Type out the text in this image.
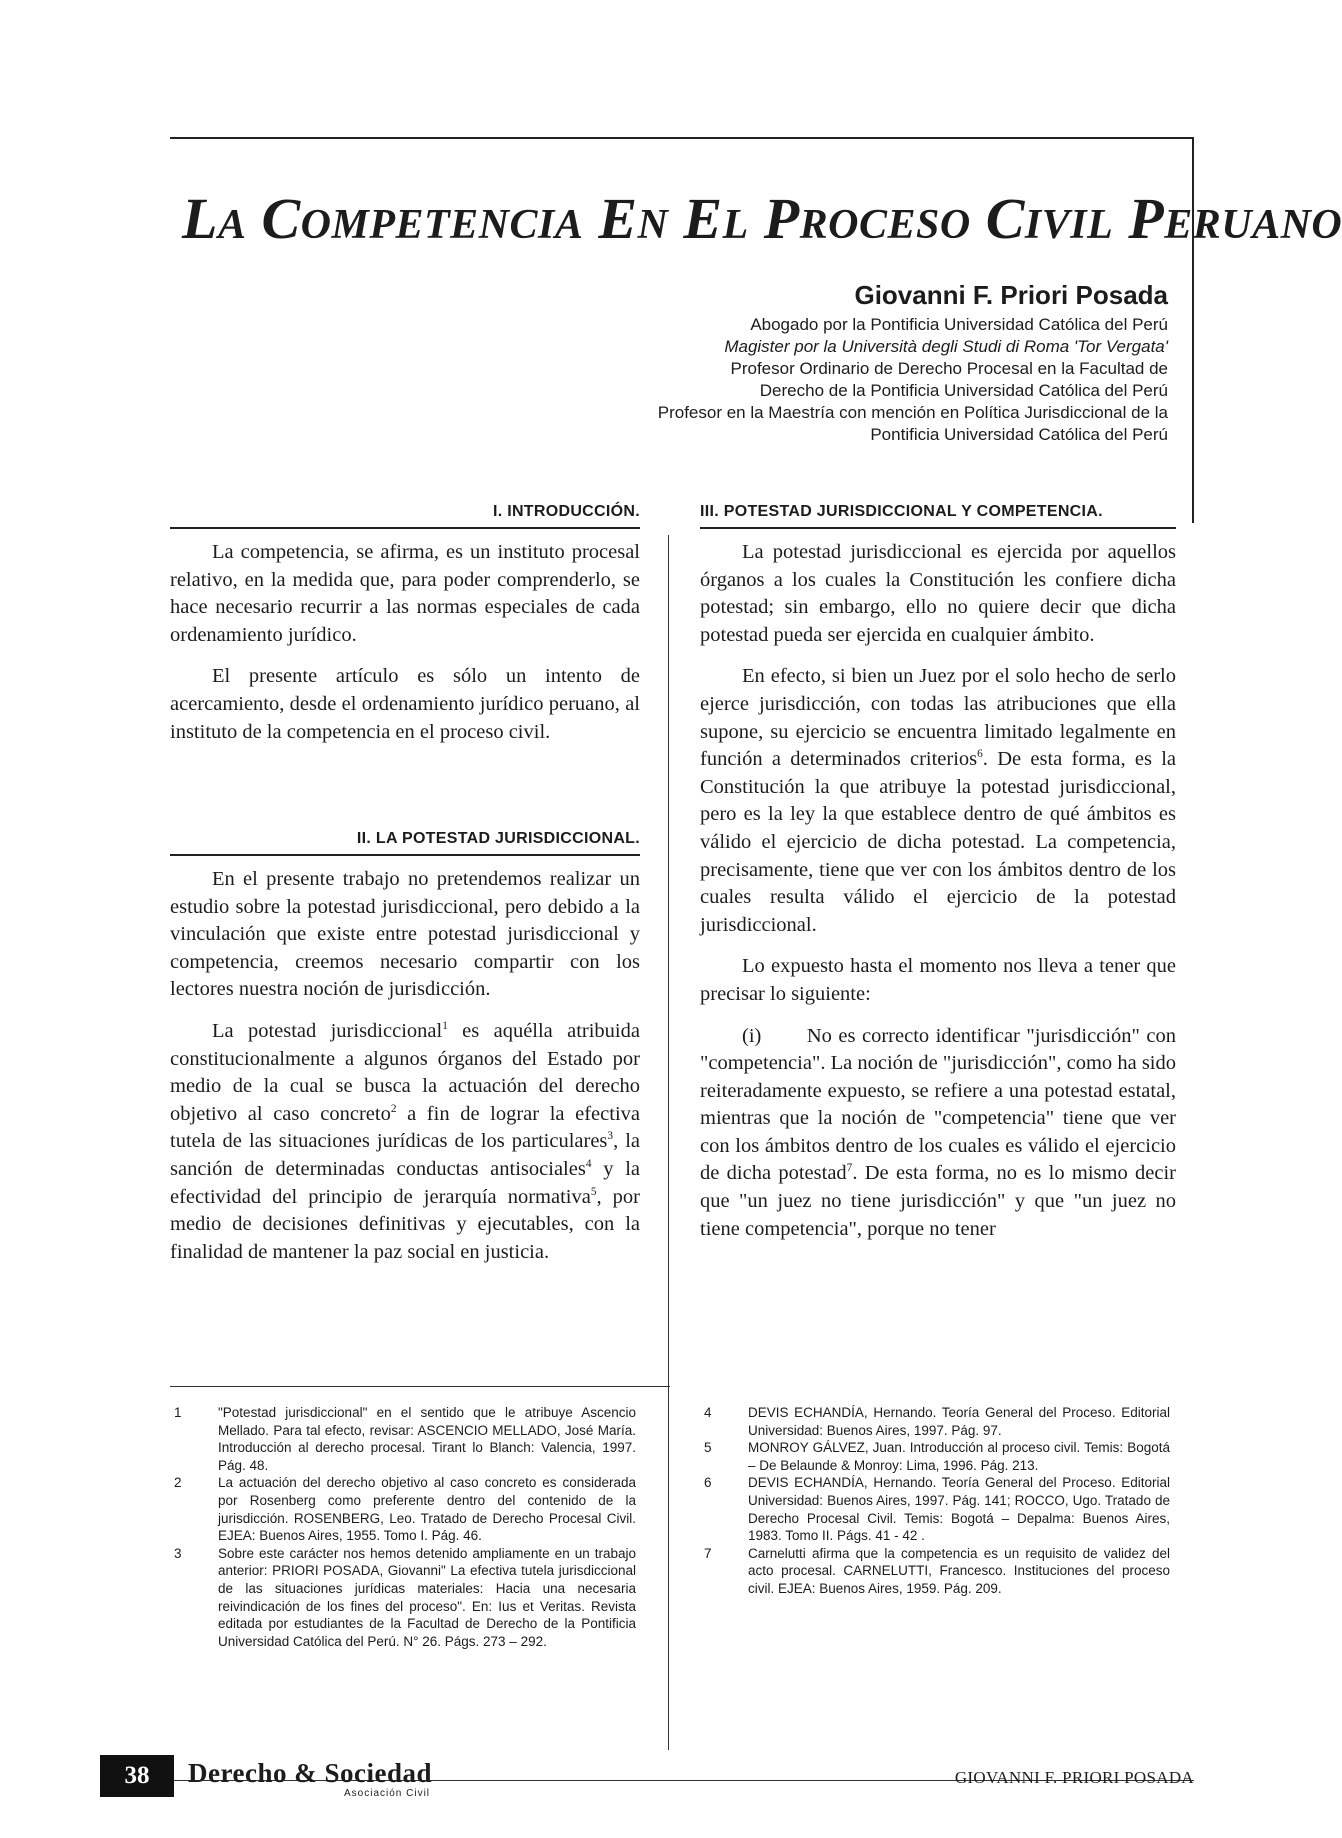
LA COMPETENCIA EN EL PROCESO CIVIL PERUANO
Giovanni F. Priori Posada
Abogado por la Pontificia Universidad Católica del Perú
Magister por la Università degli Studi di Roma 'Tor Vergata'
Profesor Ordinario de Derecho Procesal en la Facultad de
Derecho de la Pontificia Universidad Católica del Perú
Profesor en la Maestría con mención en Política Jurisdiccional de la
Pontificia Universidad Católica del Perú
I. INTRODUCCIÓN.

La competencia, se afirma, es un instituto procesal relativo, en la medida que, para poder comprenderlo, se hace necesario recurrir a las normas especiales de cada ordenamiento jurídico.

El presente artículo es sólo un intento de acercamiento, desde el ordenamiento jurídico peruano, al instituto de la competencia en el proceso civil.

II. LA POTESTAD JURISDICCIONAL.

En el presente trabajo no pretendemos realizar un estudio sobre la potestad jurisdiccional, pero debido a la vinculación que existe entre potestad jurisdiccional y competencia, creemos necesario compartir con los lectores nuestra noción de jurisdicción.

La potestad jurisdiccional$^1$ es aquélla atribuida constitucionalmente a algunos órganos del Estado por medio de la cual se busca la actuación del derecho objetivo al caso concreto$^2$ a fin de lograr la efectiva tutela de las situaciones jurídicas de los particulares$^3$, la sanción de determinadas conductas antisociales$^4$ y la efectividad del principio de jerarquía normativa$^5$, por medio de decisiones definitivas y ejecutables, con la finalidad de mantener la paz social en justicia.

III. POTESTAD JURISDICCIONAL Y COMPETENCIA.

La potestad jurisdiccional es ejercida por aquellos órganos a los cuales la Constitución les confiere dicha potestad; sin embargo, ello no quiere decir que dicha potestad pueda ser ejercida en cualquier ámbito.

En efecto, si bien un Juez por el solo hecho de serlo ejerce jurisdicción, con todas las atribuciones que ella supone, su ejercicio se encuentra limitado legalmente en función a determinados criterios$^6$. De esta forma, es la Constitución la que atribuye la potestad jurisdiccional, pero es la ley la que establece dentro de qué ámbitos es válido el ejercicio de dicha potestad. La competencia, precisamente, tiene que ver con los ámbitos dentro de los cuales resulta válido el ejercicio de la potestad jurisdiccional.

Lo expuesto hasta el momento nos lleva a tener que precisar lo siguiente:

(i)       No es correcto identificar "jurisdicción" con "competencia". La noción de "jurisdicción", como ha sido reiteradamente expuesto, se refiere a una potestad estatal, mientras que la noción de "competencia" tiene que ver con los ámbitos dentro de los cuales es válido el ejercicio de dicha potestad$^7$. De esta forma, no es lo mismo decir que "un juez no tiene jurisdicción" y que "un juez no tiene competencia", porque no tener

1	"Potestad jurisdiccional" en el sentido que le atribuye Ascencio Mellado. Para tal efecto, revisar: ASCENCIO MELLADO, José María. Introducción al derecho procesal. Tirant lo Blanch: Valencia, 1997. Pág. 48.
2	La actuación del derecho objetivo al caso concreto es considerada por Rosenberg como preferente dentro del contenido de la jurisdicción. ROSENBERG, Leo. Tratado de Derecho Procesal Civil. EJEA: Buenos Aires, 1955. Tomo I. Pág. 46.
3	Sobre este carácter nos hemos detenido ampliamente en un trabajo anterior: PRIORI POSADA, Giovanni" La efectiva tutela jurisdiccional de las situaciones jurídicas materiales: Hacia una necesaria reivindicación de los fines del proceso". En: Ius et Veritas. Revista editada por estudiantes de la Facultad de Derecho de la Pontificia Universidad Católica del Perú. N° 26. Págs. 273 – 292.
4	DEVIS ECHANDÍA, Hernando. Teoría General del Proceso. Editorial Universidad: Buenos Aires, 1997. Pág. 97.
5	MONROY GÁLVEZ, Juan. Introducción al proceso civil. Temis: Bogotá – De Belaunde & Monroy: Lima, 1996. Pág. 213.
6	DEVIS ECHANDÍA, Hernando. Teoría General del Proceso. Editorial Universidad: Buenos Aires, 1997. Pág. 141; ROCCO, Ugo. Tratado de Derecho Procesal Civil. Temis: Bogotá – Depalma: Buenos Aires, 1983. Tomo II. Págs. 41 - 42 .
7	Carnelutti afirma que la competencia es un requisito de validez del acto procesal. CARNELUTTI, Francesco. Instituciones del proceso civil. EJEA: Buenos Aires, 1959. Pág. 209.
38	Derecho & Sociedad
Asociación Civil
GIOVANNI F. PRIORI POSADA
